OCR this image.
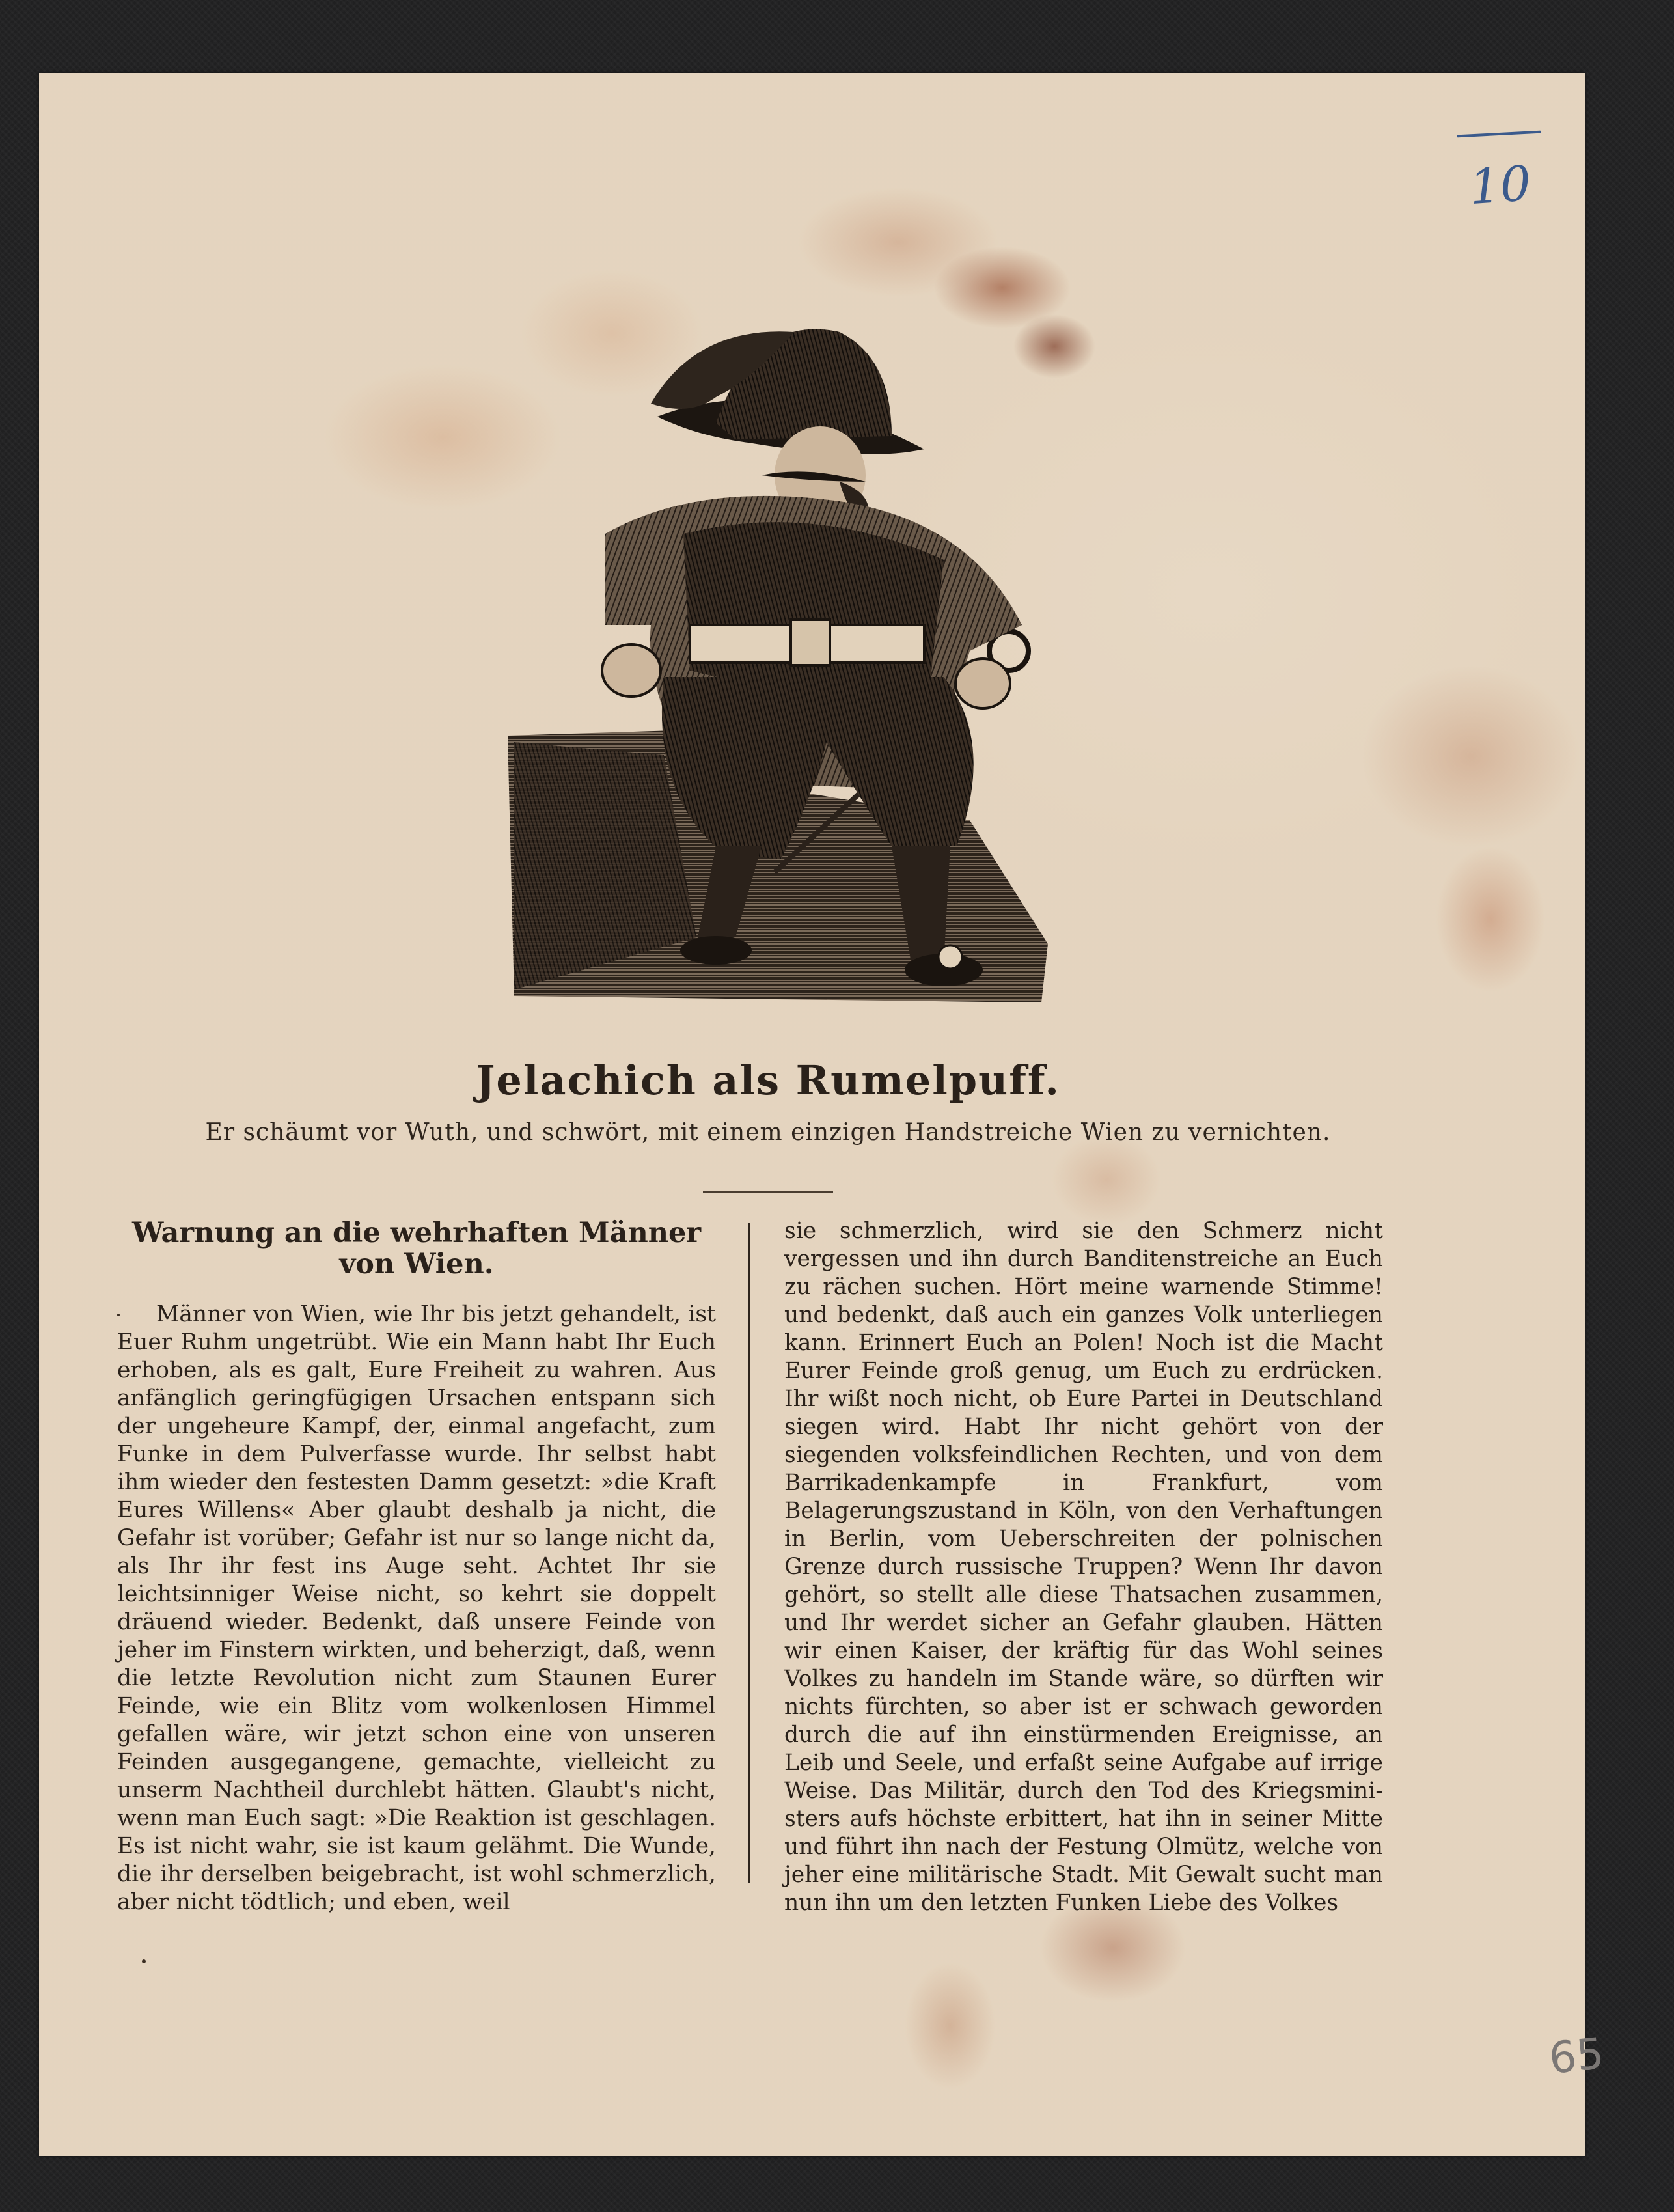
10
Jelachich als Rumelpuff.
Er schäumt vor Wuth, und schwört, mit einem einzigen Handstreiche Wien zu vernichten.
Warnung an die wehrhaften Männer von Wien.

Männer von Wien, wie Ihr bis jetzt gehandelt, ist Euer Ruhm ungetrübt. Wie ein Mann habt Ihr Euch erhoben, als es galt, Eure Freiheit zu wahren. Aus anfänglich geringfügigen Ursachen entspann sich der ungeheure Kampf, der, einmal angefacht, zum Funke in dem Pulverfasse wurde. Ihr selbst habt ihm wieder den festesten Damm gesetzt: »die Kraft Eures Willens« Aber glaubt deshalb ja nicht, die Gefahr ist vorüber; Gefahr ist nur so lange nicht da, als Ihr ihr fest ins Auge seht. Achtet Ihr sie leichtsinniger Weise nicht, so kehrt sie doppelt dräuend wieder. Bedenkt, daß unsere Feinde von jeher im Finstern wirkten, und beherzigt, daß, wenn die letzte Revolution nicht zum Staunen Eurer Feinde, wie ein Blitz vom wolkenlosen Himmel gefallen wäre, wir jetzt schon eine von unseren Feinden ausgegangene, gemachte, vielleicht zu unserm Nachtheil durchlebt hätten. Glaubt's nicht, wenn man Euch sagt: »Die Reaktion ist geschlagen. Es ist nicht wahr, sie ist kaum gelähmt. Die Wunde, die ihr derselben beigebracht, ist wohl schmerzlich, aber nicht tödtlich; und eben, weil

sie schmerzlich, wird sie den Schmerz nicht vergessen und ihn durch Banditenstreiche an Euch zu rächen suchen. Hört meine warnende Stimme! und bedenkt, daß auch ein ganzes Volk unterliegen kann. Erinnert Euch an Polen! Noch ist die Macht Eurer Feinde groß genug, um Euch zu erdrücken. Ihr wißt noch nicht, ob Eure Partei in Deutschland siegen wird. Habt Ihr nicht gehört von der siegenden volksfeindlichen Rechten, und von dem Barrikadenkampfe in Frankfurt, vom Belagerungszustand in Köln, von den Verhaftungen in Berlin, vom Ueberschreiten der polnischen Grenze durch russische Truppen? Wenn Ihr davon gehört, so stellt alle diese Thatsachen zusammen, und Ihr werdet sicher an Gefahr glauben. Hätten wir einen Kaiser, der kräftig für das Wohl seines Volkes zu handeln im Stande wäre, so dürften wir nichts fürchten, so aber ist er schwach geworden durch die auf ihn einstürmenden Ereignisse, an Leib und Seele, und erfaßt seine Aufgabe auf irrige Weise. Das Militär, durch den Tod des Kriegsministers aufs höchste erbittert, hat ihn in seiner Mitte und führt ihn nach der Festung Olmütz, welche von jeher eine militärische Stadt. Mit Gewalt sucht man nun ihn um den letzten Funken Liebe des Volkes

65
